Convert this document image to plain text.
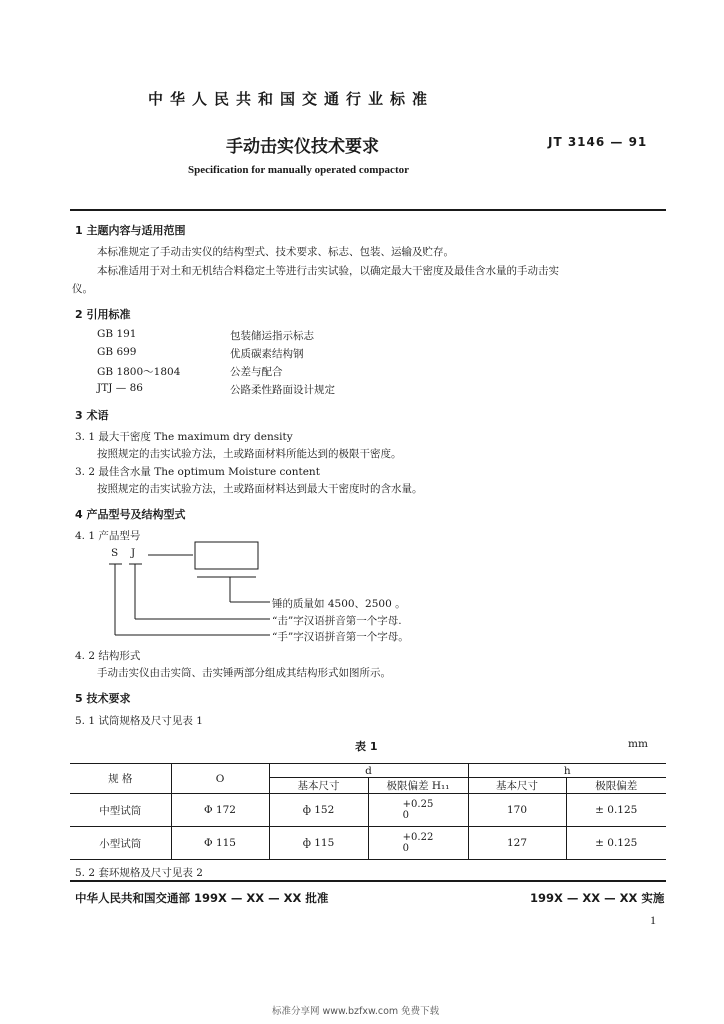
中华人民共和国交通行业标准
手动击实仪技术要求	JT 3146 — 91
Specification for manually operated compactor
1 主题内容与适用范围
本标准规定了手动击实仪的结构型式、技术要求、标志、包装、运输及贮存。
本标准适用于对土和无机结合料稳定土等进行击实试验，以确定最大干密度及最佳含水量的手动击实
仪。
2 引用标准
GB 191	包装储运指示标志
GB 699	优质碳素结构钢
GB 1800～1804	公差与配合
JTJ — 86	公路柔性路面设计规定
3 术语
3. 1 最大干密度 The maximum dry density
按照规定的击实试验方法，土或路面材料所能达到的极限干密度。
3. 2 最佳含水量 The optimum Moisture content
按照规定的击实试验方法，土或路面材料达到最大干密度时的含水量。
4 产品型号及结构型式
4. 1 产品型号
S J
锤的质量如 4500、2500 。
“击”字汉语拼音第一个字母.
“手”字汉语拼音第一个字母。
4. 2 结构形式
手动击实仪由击实筒、击实锤两部分组成其结构形式如图所示。
5 技术要求
5. 1 试筒规格及尺寸见表 1
表 1	mm
规 格	O	d		h	
		基本尺寸	极限偏差 H₁₁	基本尺寸	极限偏差
中型试筒	Φ 172	ф 152	+0.25
0	170	± 0.125
小型试筒	Φ 115	ф 115	+0.22
0	127	± 0.125
5. 2 套环规格及尺寸见表 2
中华人民共和国交通部 199X — XX — XX 批准	199X — XX — XX 实施
1
标准分享网 www.bzfxw.com 免费下载
